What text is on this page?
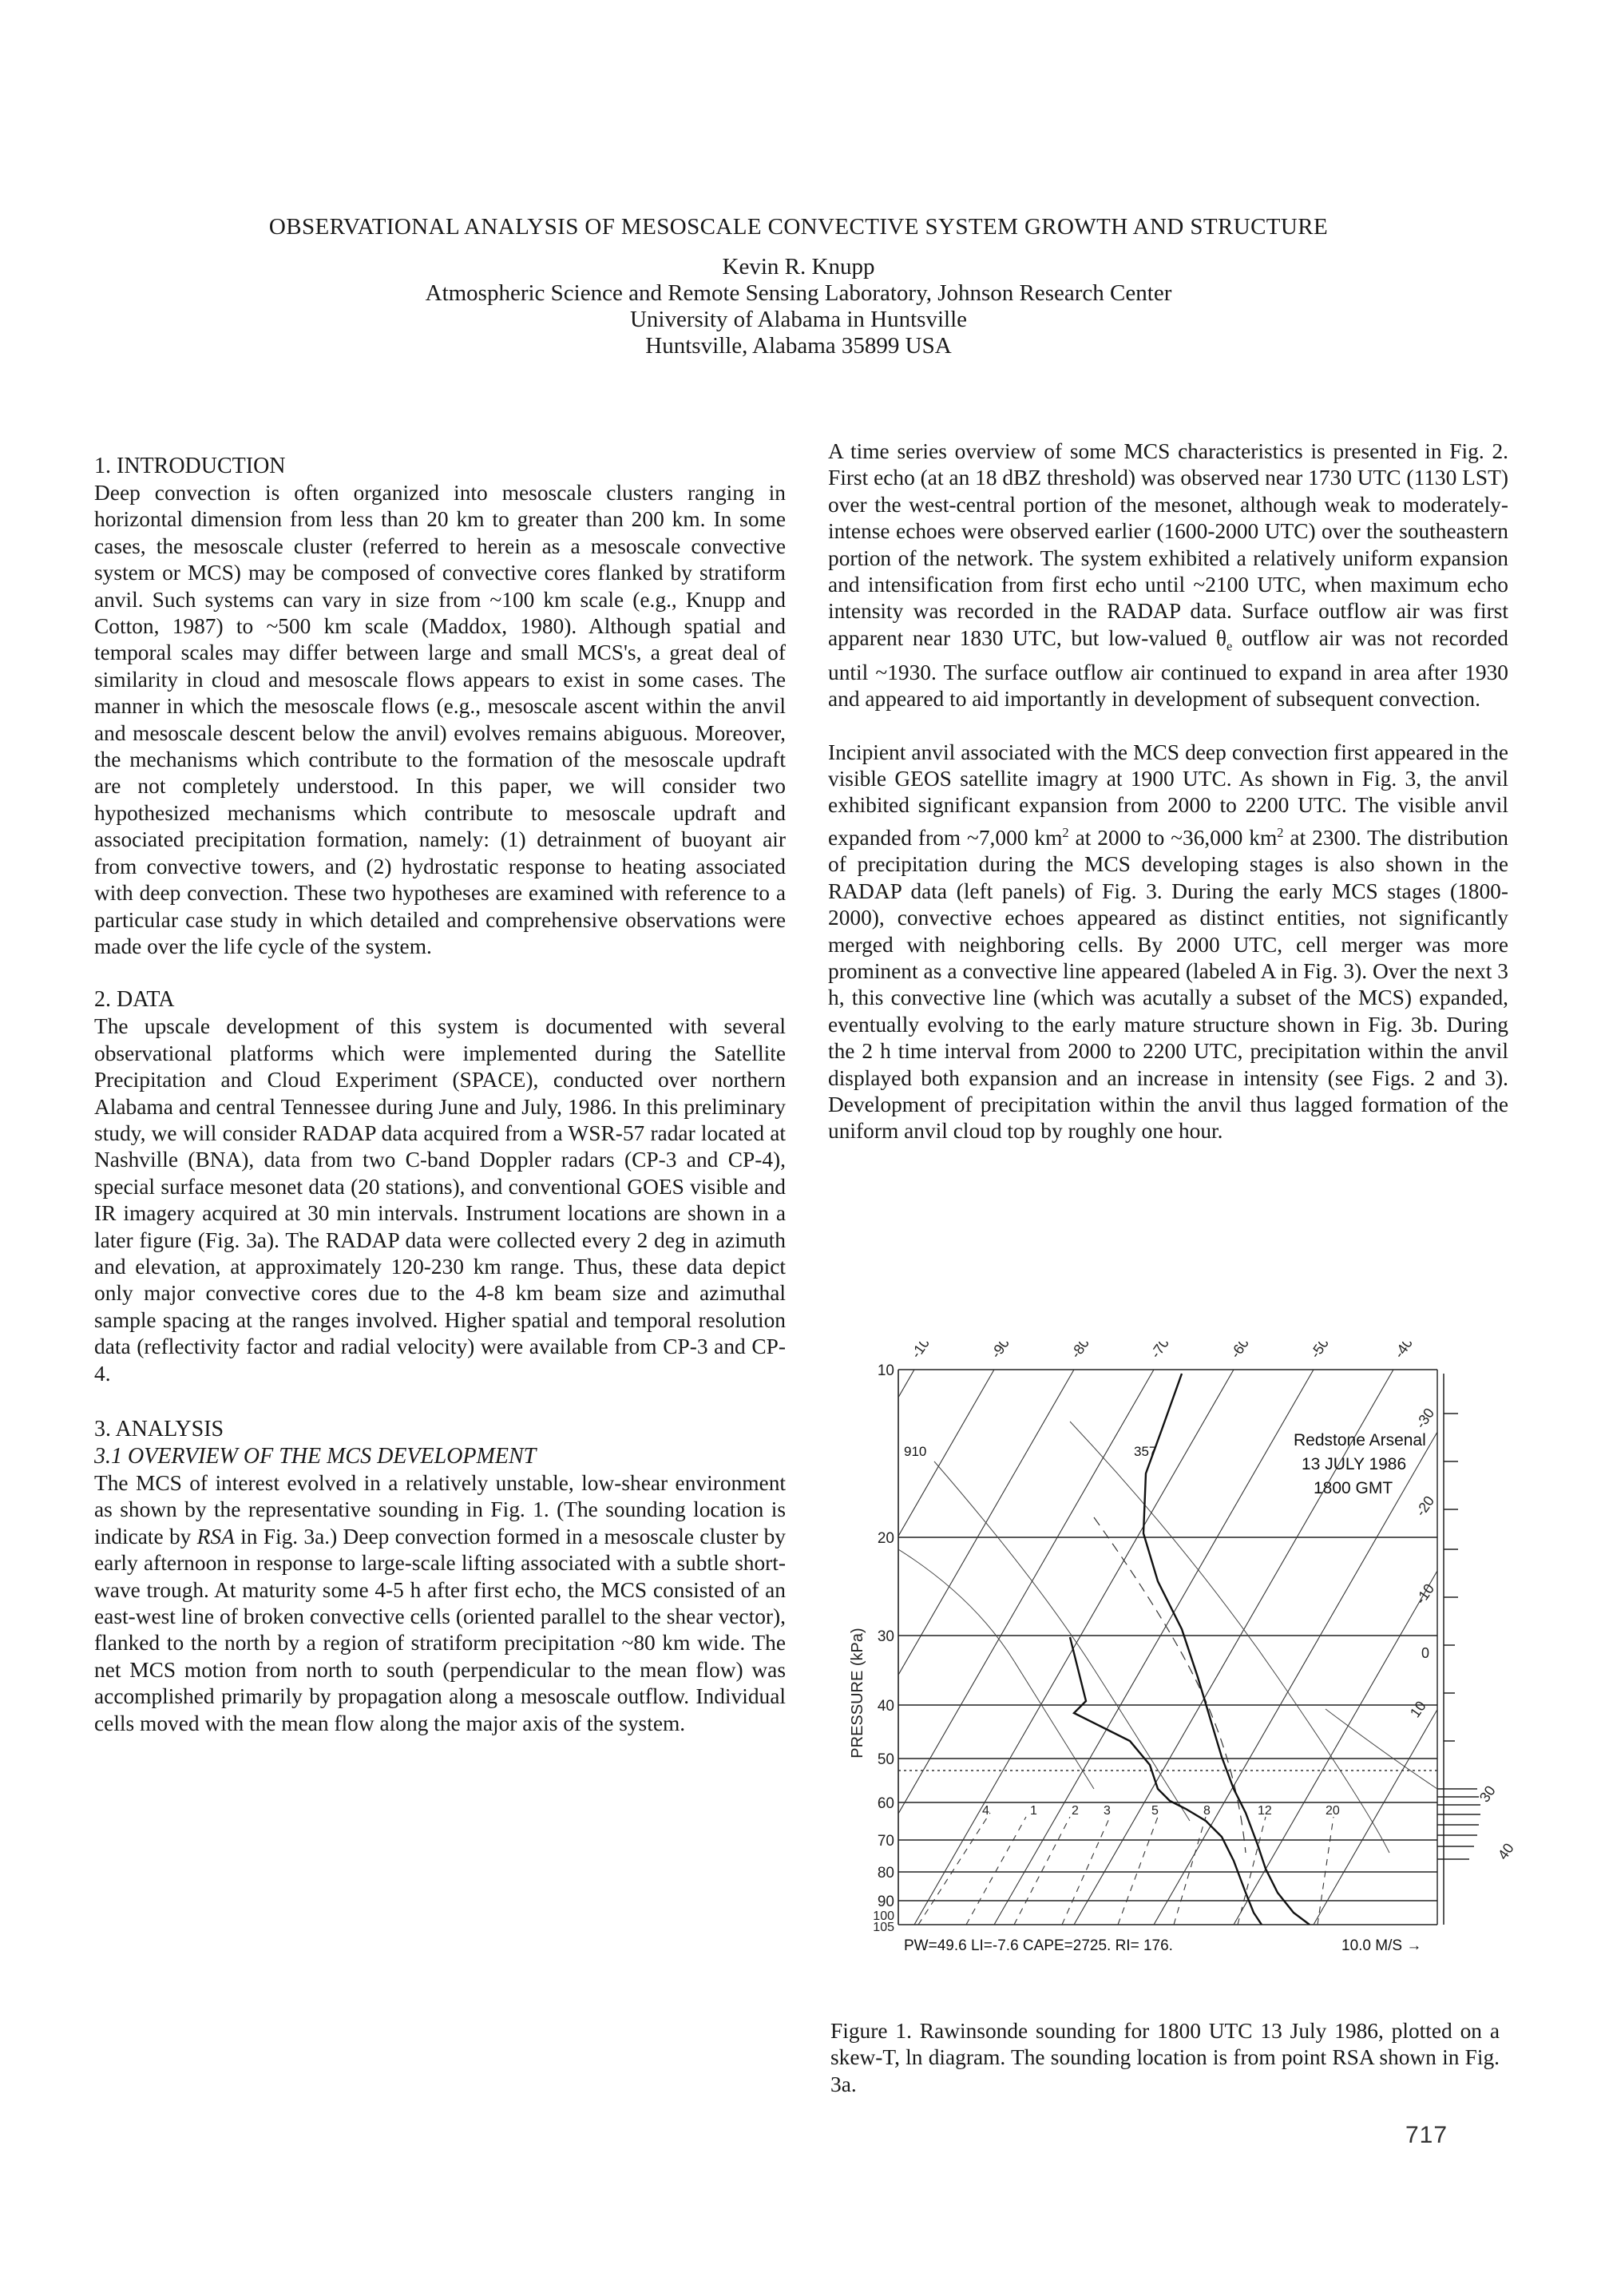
OBSERVATIONAL ANALYSIS OF MESOSCALE CONVECTIVE SYSTEM GROWTH AND STRUCTURE
Kevin R. Knupp
Atmospheric Science and Remote Sensing Laboratory, Johnson Research Center
University of Alabama in Huntsville
Huntsville, Alabama 35899 USA
1. INTRODUCTION

Deep convection is often organized into mesoscale clusters ranging in horizontal dimension from less than 20 km to greater than 200 km. In some cases, the mesoscale cluster (referred to herein as a mesoscale convective system or MCS) may be composed of convective cores flanked by stratiform anvil. Such systems can vary in size from ~100 km scale (e.g., Knupp and Cotton, 1987) to ~500 km scale (Maddox, 1980). Although spatial and temporal scales may differ between large and small MCS's, a great deal of similarity in cloud and mesoscale flows appears to exist in some cases. The manner in which the mesoscale flows (e.g., mesoscale ascent within the anvil and mesoscale descent below the anvil) evolves remains abiguous. Moreover, the mechanisms which contribute to the formation of the mesoscale updraft are not completely understood. In this paper, we will consider two hypothesized mechanisms which contribute to mesoscale updraft and associated precipitation formation, namely: (1) detrainment of buoyant air from convective towers, and (2) hydrostatic response to heating associated with deep convection. These two hypotheses are examined with reference to a particular case study in which detailed and comprehensive observations were made over the life cycle of the system.

2. DATA

The upscale development of this system is documented with several observational platforms which were implemented during the Satellite Precipitation and Cloud Experiment (SPACE), conducted over northern Alabama and central Tennessee during June and July, 1986. In this preliminary study, we will consider RADAP data acquired from a WSR-57 radar located at Nashville (BNA), data from two C-band Doppler radars (CP-3 and CP-4), special surface mesonet data (20 stations), and conventional GOES visible and IR imagery acquired at 30 min intervals. Instrument locations are shown in a later figure (Fig. 3a). The RADAP data were collected every 2 deg in azimuth and elevation, at approximately 120-230 km range. Thus, these data depict only major convective cores due to the 4-8 km beam size and azimuthal sample spacing at the ranges involved. Higher spatial and temporal resolution data (reflectivity factor and radial velocity) were available from CP-3 and CP-4.

3. ANALYSIS
3.1 OVERVIEW OF THE MCS DEVELOPMENT

The MCS of interest evolved in a relatively unstable, low-shear environment as shown by the representative sounding in Fig. 1. (The sounding location is indicate by RSA in Fig. 3a.) Deep convection formed in a mesoscale cluster by early afternoon in response to large-scale lifting associated with a subtle short-wave trough. At maturity some 4-5 h after first echo, the MCS consisted of an east-west line of broken convective cells (oriented parallel to the shear vector), flanked to the north by a region of stratiform precipitation ~80 km wide. The net MCS motion from north to south (perpendicular to the mean flow) was accomplished primarily by propagation along a mesoscale outflow. Individual cells moved with the mean flow along the major axis of the system.

A time series overview of some MCS characteristics is presented in Fig. 2. First echo (at an 18 dBZ threshold) was observed near 1730 UTC (1130 LST) over the west-central portion of the mesonet, although weak to moderately-intense echoes were observed earlier (1600-2000 UTC) over the southeastern portion of the network. The system exhibited a relatively uniform expansion and intensification from first echo until ~2100 UTC, when maximum echo intensity was recorded in the RADAP data. Surface outflow air was first apparent near 1830 UTC, but low-valued $\theta_e$ outflow air was not recorded until ~1930. The surface outflow air continued to expand in area after 1930 and appeared to aid importantly in development of subsequent convection.

Incipient anvil associated with the MCS deep convection first appeared in the visible GEOS satellite imagry at 1900 UTC. As shown in Fig. 3, the anvil exhibited significant expansion from 2000 to 2200 UTC. The visible anvil expanded from ~7,000 $km^2$ at 2000 to ~36,000 $km^2$ at 2300. The distribution of precipitation during the MCS developing stages is also shown in the RADAP data (left panels) of Fig. 3. During the early MCS stages (1800-2000), convective echoes appeared as distinct entities, not significantly merged with neighboring cells. By 2000 UTC, cell merger was more prominent as a convective line appeared (labeled A in Fig. 3). Over the next 3 h, this convective line (which was acutally a subset of the MCS) expanded, eventually evolving to the early mature structure shown in Fig. 3b. During the 2 h time interval from 2000 to 2200 UTC, precipitation within the anvil displayed both expansion and an increase in intensity (see Figs. 2 and 3). Development of precipitation within the anvil thus lagged formation of the uniform anvil cloud top by roughly one hour.

PRESSURE (kPa)
10
20
30
40
50
60
70
80
90
100
105
-100	-90	-80	-70	-60	-50	-40
-30
-20
-10
0
10
30
40
4	1	2 3	5	8	12	20
Redstone Arsenal
13 JULY 1986
1800 GMT
910	357
PW=49.6 LI=-7.6 CAPE=2725. RI= 176.	10.0 M/S →
Figure 1. Rawinsonde sounding for 1800 UTC 13 July 1986, plotted on a skew-T, ln diagram. The sounding location is from point RSA shown in Fig. 3a.
717
